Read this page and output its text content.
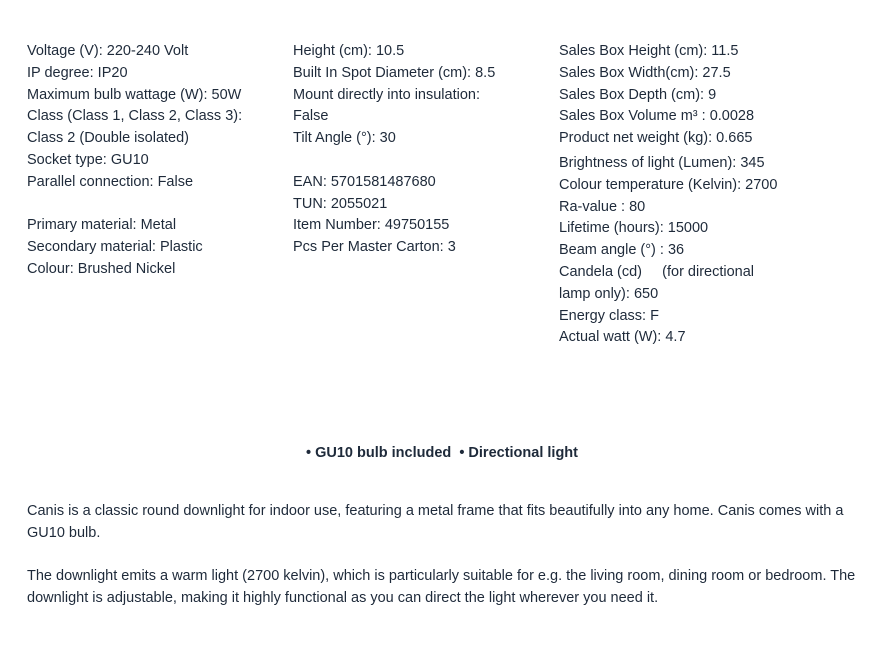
Voltage (V): 220-240 Volt
IP degree: IP20
Maximum bulb wattage (W): 50W
Class (Class 1, Class 2, Class 3):
Class 2 (Double isolated)
Socket type: GU10
Parallel connection: False

Primary material: Metal
Secondary material: Plastic
Colour: Brushed Nickel
Height (cm): 10.5
Built In Spot Diameter (cm): 8.5
Mount directly into insulation:
False
Tilt Angle (°): 30

EAN: 5701581487680
TUN: 2055021
Item Number: 49750155
Pcs Per Master Carton: 3
Sales Box Height (cm): 11.5
Sales Box Width(cm): 27.5
Sales Box Depth (cm): 9
Sales Box Volume m³ : 0.0028
Product net weight (kg): 0.665
Brightness of light (Lumen): 345
Colour temperature (Kelvin): 2700
Ra-value : 80
Lifetime (hours): 15000
Beam angle (°) : 36
Candela (cd)     (for directional
lamp only): 650
Energy class: F
Actual watt (W): 4.7
• GU10 bulb included • Directional light

Canis is a classic round downlight for indoor use, featuring a metal frame that fits beautifully into any home. Canis comes with a GU10 bulb.

The downlight emits a warm light (2700 kelvin), which is particularly suitable for e.g. the living room, dining room or bedroom. The downlight is adjustable, making it highly functional as you can direct the light wherever you need it.
